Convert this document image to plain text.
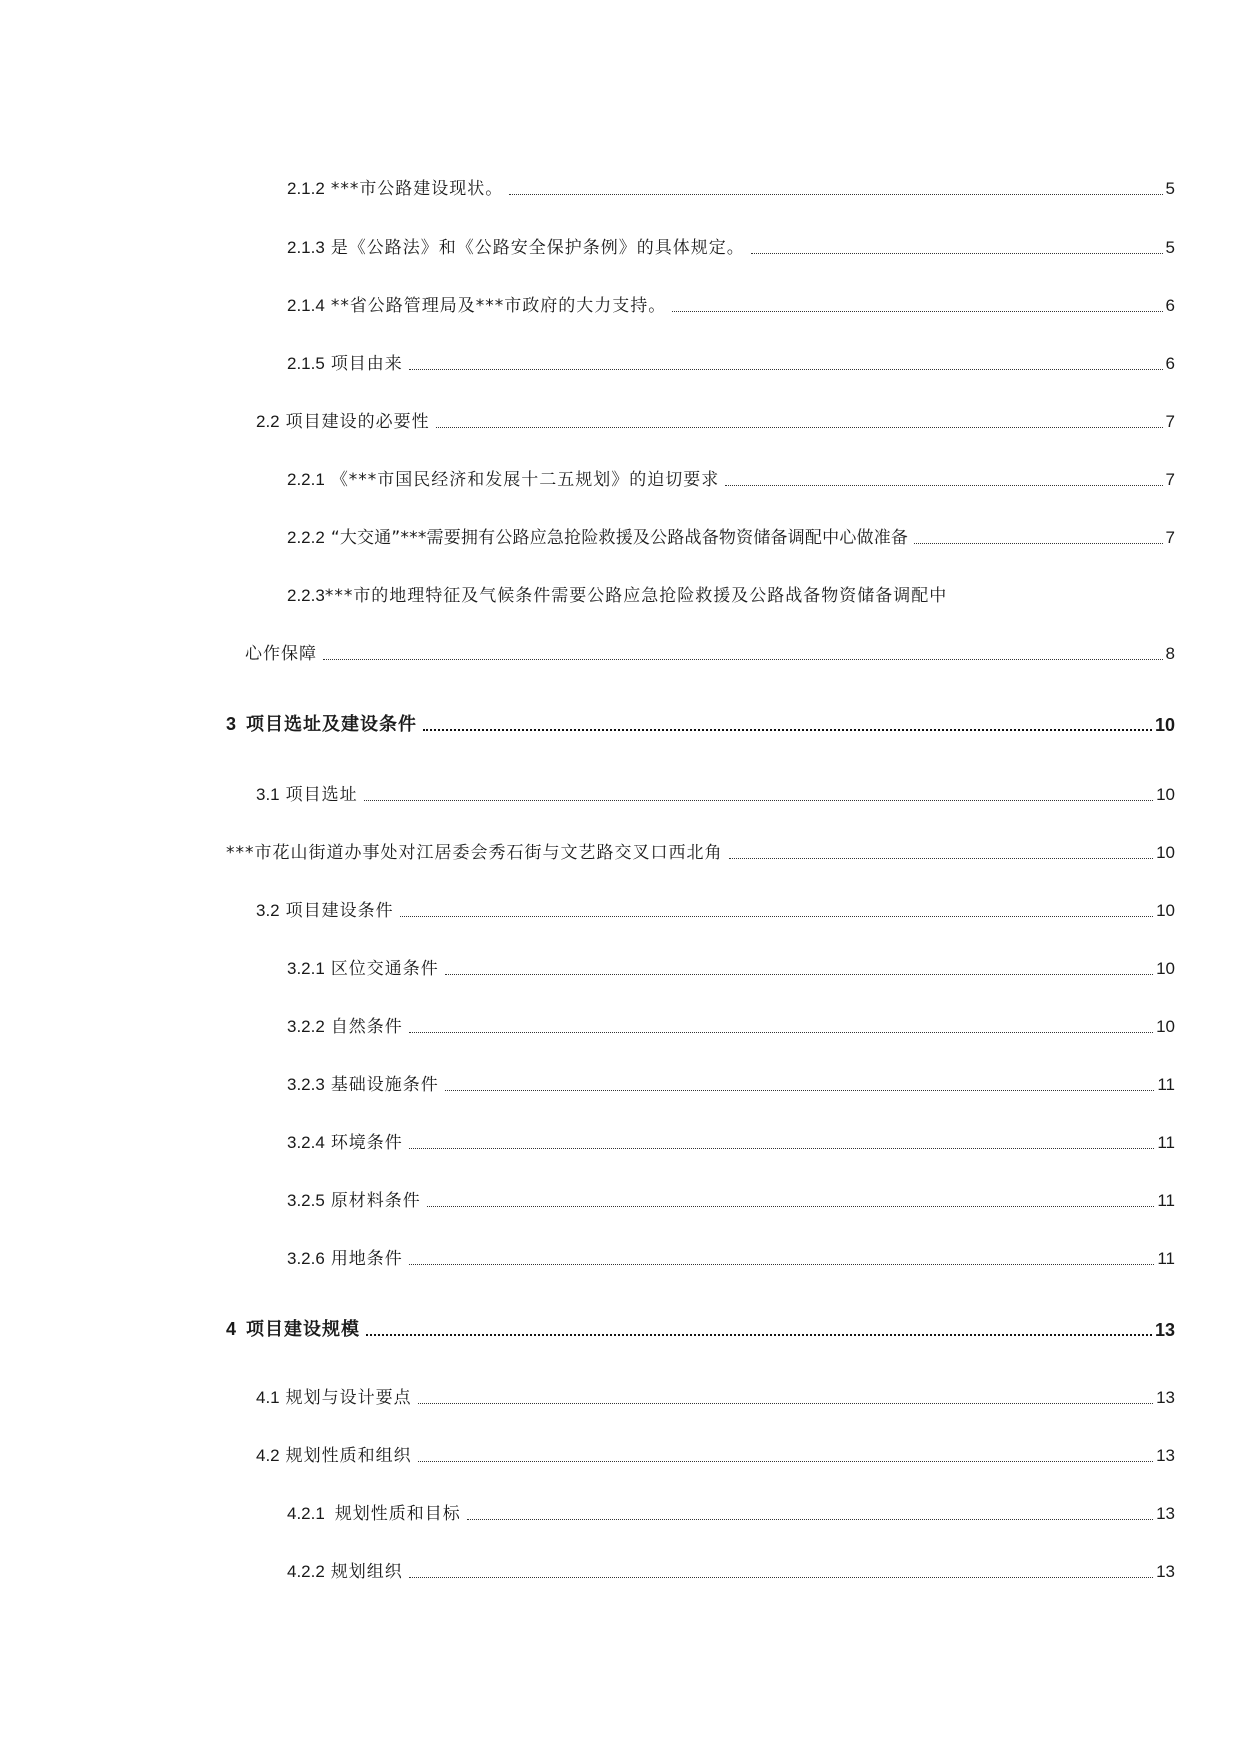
2.1.2 ***市公路建设现状。	5
2.1.3 是《公路法》和《公路安全保护条例》的具体规定。	5
2.1.4 **省公路管理局及***市政府的大力支持。	6
2.1.5 项目由来	6
2.2 项目建设的必要性	7
2.2.1 《***市国民经济和发展十二五规划》的迫切要求	7
2.2.2 “大交通”***需要拥有公路应急抢险救援及公路战备物资储备调配中心做准备	7
2.2.3***市的地理特征及气候条件需要公路应急抢险救援及公路战备物资储备调配中
心作保障	8
3 项目选址及建设条件	10
3.1 项目选址	10
***市花山街道办事处对江居委会秀石街与文艺路交叉口西北角	10
3.2 项目建设条件	10
3.2.1 区位交通条件	10
3.2.2 自然条件	10
3.2.3 基础设施条件	11
3.2.4 环境条件	11
3.2.5 原材料条件	11
3.2.6 用地条件	11
4 项目建设规模	13
4.1 规划与设计要点	13
4.2 规划性质和组织	13
4.2.1 规划性质和目标	13
4.2.2 规划组织	13
